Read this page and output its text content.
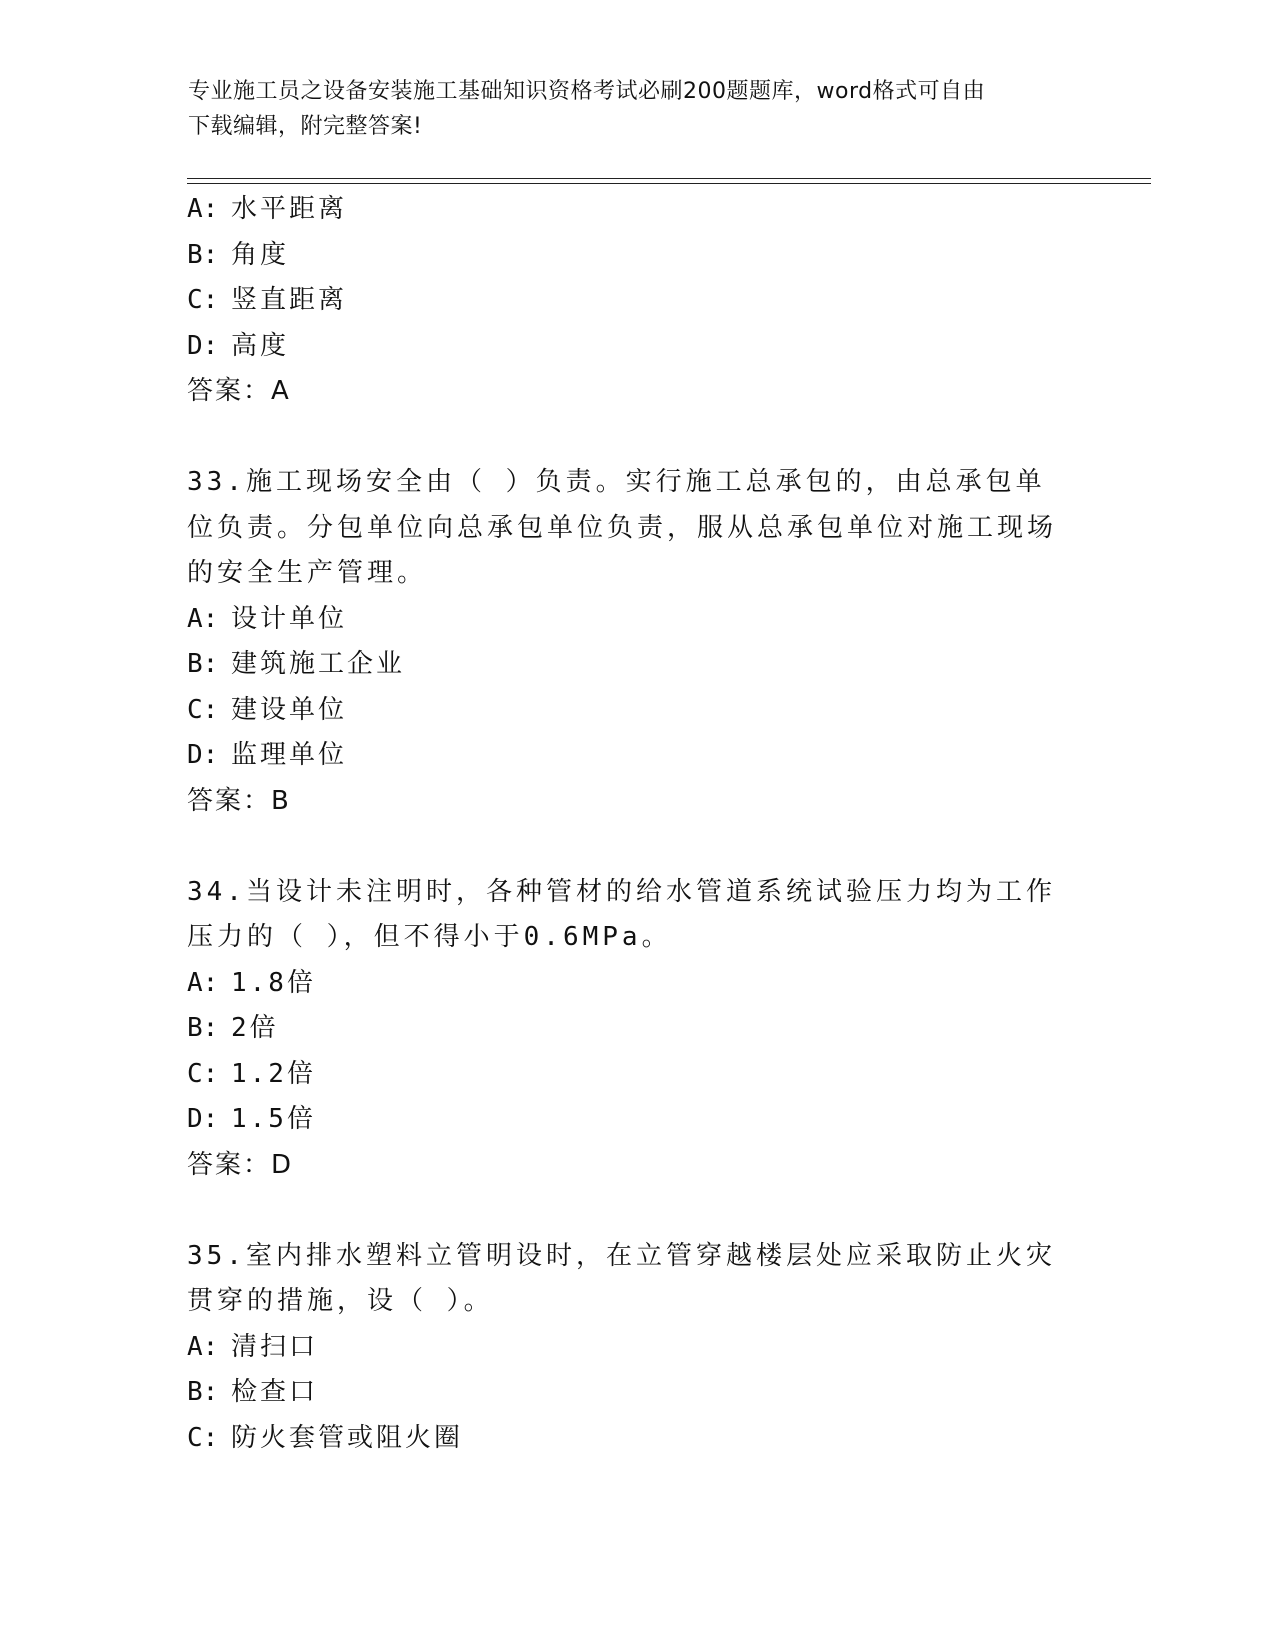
专业施工员之设备安装施工基础知识资格考试必刷200题题库，word格式可自由
下载编辑，附完整答案!
A: 水平距离
B: 角度
C: 竖直距离
D: 高度
答案：A
33.施工现场安全由（ ）负责。实行施工总承包的，由总承包单位负责。分包单位向总承包单位负责，服从总承包单位对施工现场的安全生产管理。
A: 设计单位
B: 建筑施工企业
C: 建设单位
D: 监理单位
答案：B
34.当设计未注明时，各种管材的给水管道系统试验压力均为工作压力的（ ），但不得小于0.6MPa。
A: 1.8倍
B: 2倍
C: 1.2倍
D: 1.5倍
答案：D
35.室内排水塑料立管明设时，在立管穿越楼层处应采取防止火灾贯穿的措施，设（ ）。
A: 清扫口
B: 检查口
C: 防火套管或阻火圈
